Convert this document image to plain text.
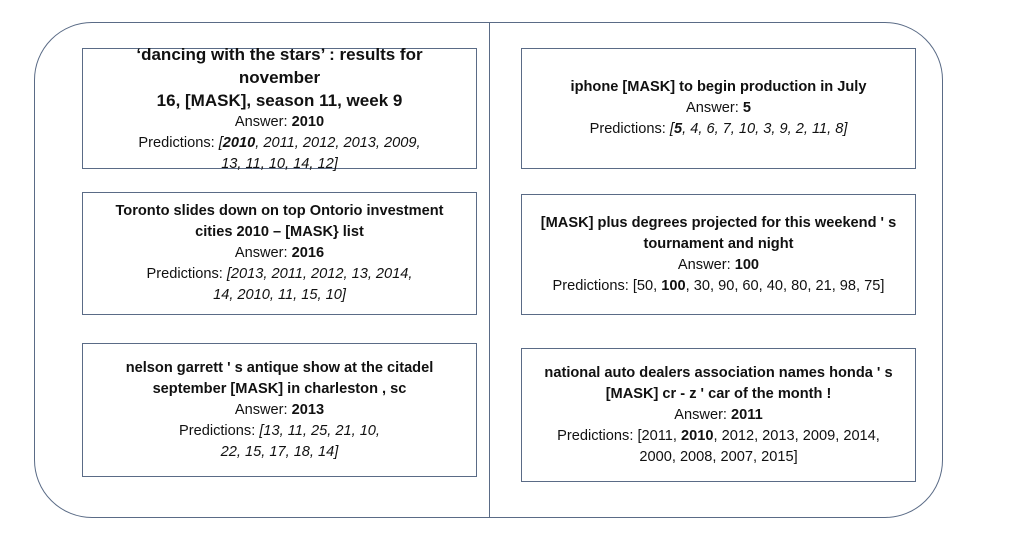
‘dancing with the stars’ : results for november
16, [MASK], season 11, week 9
Answer: 2010
Predictions: [2010, 2011, 2012, 2013, 2009,
13, 11, 10, 14, 12]
Toronto slides down on top Ontorio investment
cities 2010 – [MASK} list
Answer: 2016
Predictions: [2013, 2011, 2012, 13, 2014,
14, 2010, 11, 15, 10]
nelson garrett ' s antique show at the citadel
september [MASK] in charleston , sc
Answer: 2013
Predictions: [13, 11, 25, 21, 10,
22, 15, 17, 18, 14]
iphone [MASK] to begin production in July
Answer: 5
Predictions: [5, 4, 6, 7, 10, 3, 9, 2, 11, 8]
[MASK] plus degrees projected for this weekend ' s
tournament and night
Answer: 100
Predictions: [50, 100, 30, 90, 60, 40, 80, 21, 98, 75]
national auto dealers association names honda ' s
[MASK] cr - z ' car of the month !
Answer: 2011
Predictions: [2011, 2010, 2012, 2013, 2009, 2014,
2000, 2008, 2007, 2015]
